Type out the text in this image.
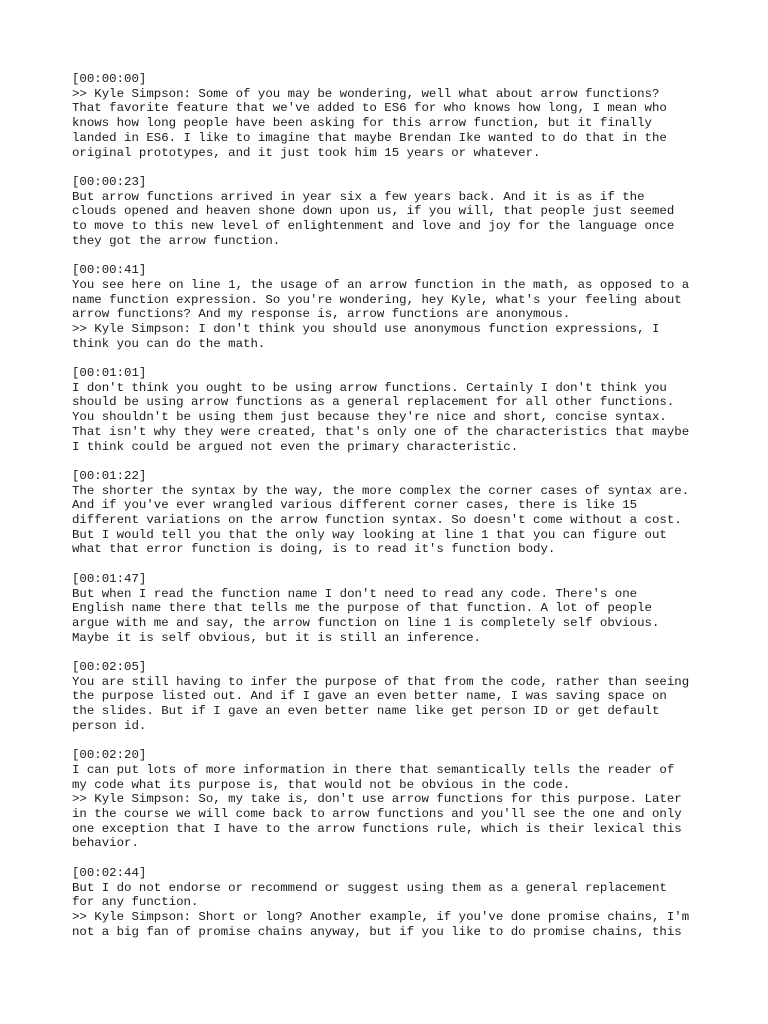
[00:00:00]
>> Kyle Simpson: Some of you may be wondering, well what about arrow functions?
That favorite feature that we've added to ES6 for who knows how long, I mean who
knows how long people have been asking for this arrow function, but it finally
landed in ES6. I like to imagine that maybe Brendan Ike wanted to do that in the
original prototypes, and it just took him 15 years or whatever.
[00:00:23]
But arrow functions arrived in year six a few years back. And it is as if the
clouds opened and heaven shone down upon us, if you will, that people just seemed
to move to this new level of enlightenment and love and joy for the language once
they got the arrow function.
[00:00:41]
You see here on line 1, the usage of an arrow function in the math, as opposed to a
name function expression. So you're wondering, hey Kyle, what's your feeling about
arrow functions? And my response is, arrow functions are anonymous.
>> Kyle Simpson: I don't think you should use anonymous function expressions, I
think you can do the math.
[00:01:01]
I don't think you ought to be using arrow functions. Certainly I don't think you
should be using arrow functions as a general replacement for all other functions.
You shouldn't be using them just because they're nice and short, concise syntax.
That isn't why they were created, that's only one of the characteristics that maybe
I think could be argued not even the primary characteristic.
[00:01:22]
The shorter the syntax by the way, the more complex the corner cases of syntax are.
And if you've ever wrangled various different corner cases, there is like 15
different variations on the arrow function syntax. So doesn't come without a cost.
But I would tell you that the only way looking at line 1 that you can figure out
what that error function is doing, is to read it's function body.
[00:01:47]
But when I read the function name I don't need to read any code. There's one
English name there that tells me the purpose of that function. A lot of people
argue with me and say, the arrow function on line 1 is completely self obvious.
Maybe it is self obvious, but it is still an inference.
[00:02:05]
You are still having to infer the purpose of that from the code, rather than seeing
the purpose listed out. And if I gave an even better name, I was saving space on
the slides. But if I gave an even better name like get person ID or get default
person id.
[00:02:20]
I can put lots of more information in there that semantically tells the reader of
my code what its purpose is, that would not be obvious in the code.
>> Kyle Simpson: So, my take is, don't use arrow functions for this purpose. Later
in the course we will come back to arrow functions and you'll see the one and only
one exception that I have to the arrow functions rule, which is their lexical this
behavior.
[00:02:44]
But I do not endorse or recommend or suggest using them as a general replacement
for any function.
>> Kyle Simpson: Short or long? Another example, if you've done promise chains, I'm
not a big fan of promise chains anyway, but if you like to do promise chains, this
